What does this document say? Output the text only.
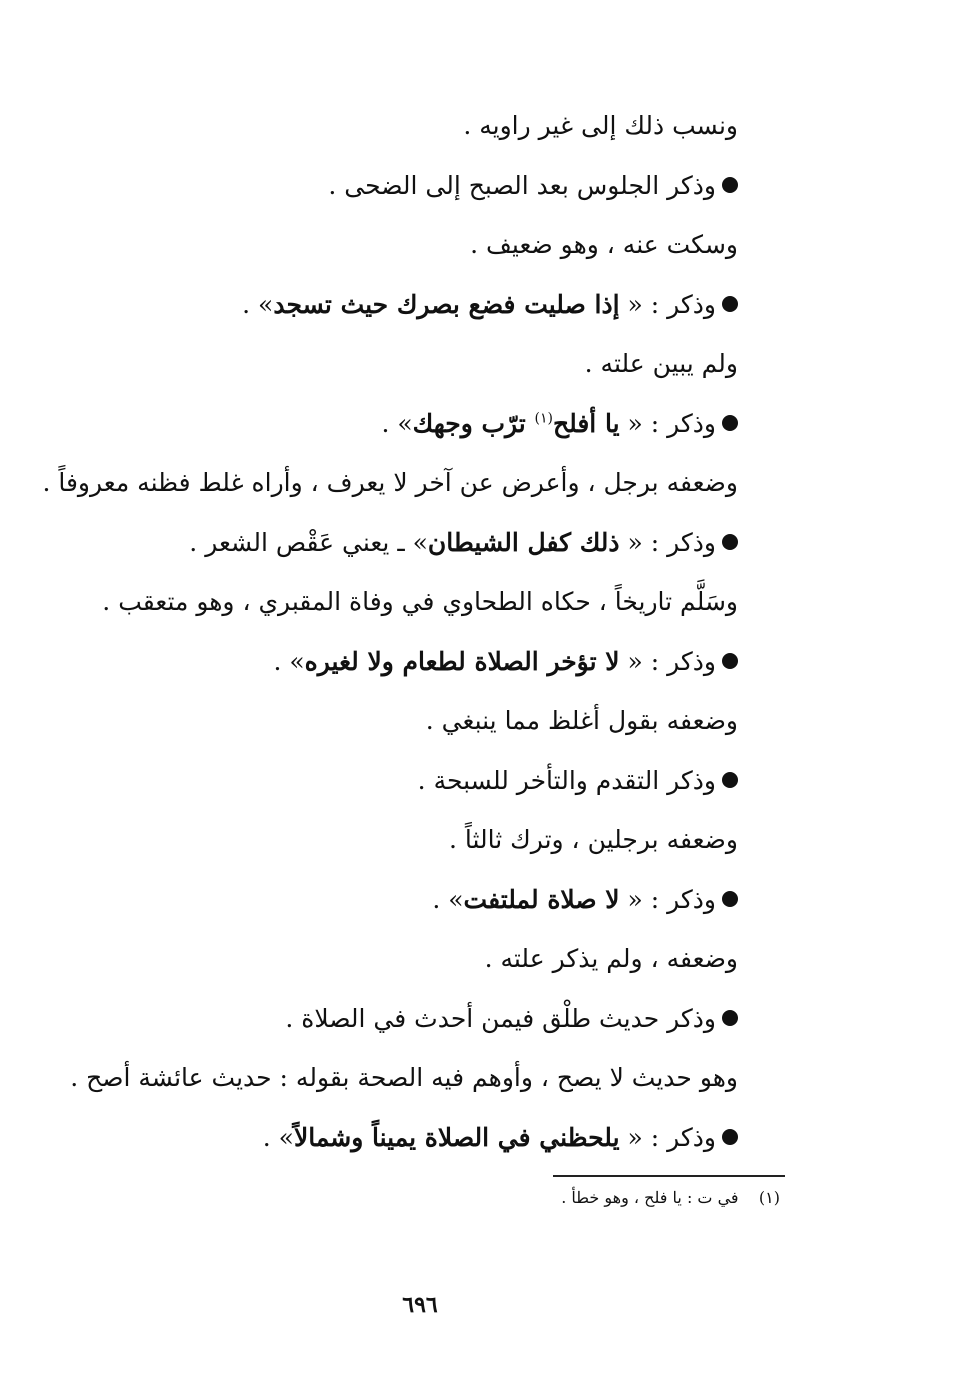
ونسب ذلك إلى غير راويه .
وذكر الجلوس بعد الصبح إلى الضحى .
وسكت عنه ، وهو ضعيف .
وذكر : « إذا صليت فضع بصرك حيث تسجد» .
ولم يبين علته .
وذكر : « يا أفلح$^{(١)}$ ترّب وجهك» .
وضعفه برجل ، وأعرض عن آخر لا يعرف ، وأراه غلط فظنه معروفاً .
وذكر : « ذلك كفل الشيطان» ـ يعني عَقْص الشعر .
وسَلَّم تاريخاً ، حكاه الطحاوي في وفاة المقبري ، وهو متعقب .
وذكر : « لا تؤخر الصلاة لطعام ولا لغيره» .
وضعفه بقول أغلظ مما ينبغي .
وذكر التقدم والتأخر للسبحة .
وضعفه برجلين ، وترك ثالثاً .
وذكر : « لا صلاة لملتفت» .
وضعفه ، ولم يذكر علته .
وذكر حديث طلْق فيمن أحدث في الصلاة .
وهو حديث لا يصح ، وأوهم فيه الصحة بقوله : حديث عائشة أصح .
وذكر : « يلحظني في الصلاة يميناً وشمالاً» .
(١)    في ت : يا فلح ، وهو خطأ .
٦٩٦
